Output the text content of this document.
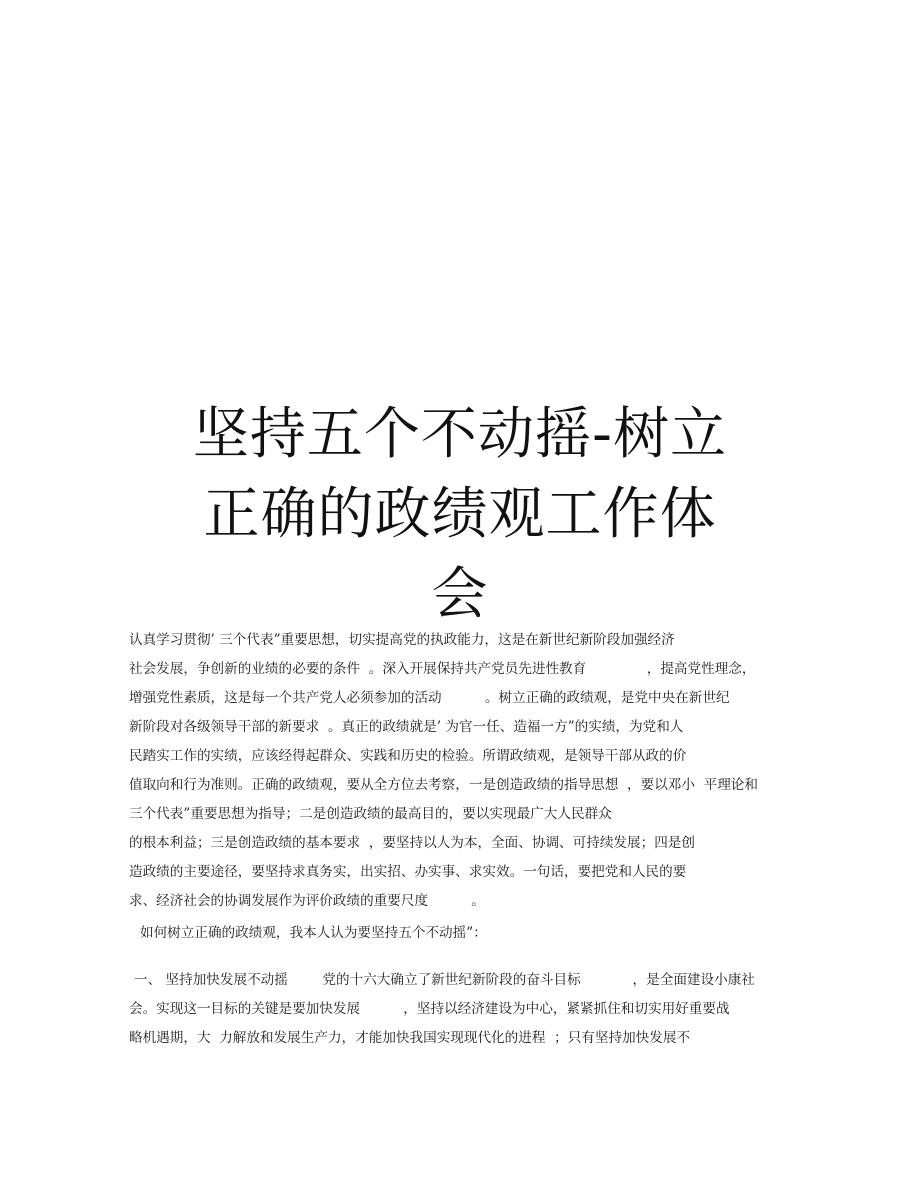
坚持五个不动摇-树立
正确的政绩观工作体
会
认真学习贯彻’ 三个代表”重要思想，切实提高党的执政能力，这是在新世纪新阶段加强经济
社会发展，争创新的业绩的必要的条件  。深入开展保持共产党员先进性教育              ，提高党性理念，
增强党性素质，这是每一个共产党人必须参加的活动          。树立正确的政绩观，是党中央在新世纪
新阶段对各级领导干部的新要求  。真正的政绩就是’ 为官一任、造福一方”的实绩，为党和人
民踏实工作的实绩，应该经得起群众、实践和历史的检验。所谓政绩观，是领导干部从政的价
值取向和行为准则。正确的政绩观，要从全方位去考察，一是创造政绩的指导思想  ，要以邓小  平理论和
三个代表”重要思想为指导；二是创造政绩的最高目的，要以实现最广大人民群众
的根本利益；三是创造政绩的基本要求  ，要坚持以人为本，全面、协调、可持续发展；四是创
造政绩的主要途径，要坚持求真务实，出实招、办实事、求实效。一句话，要把党和人民的要
求、经济社会的协调发展作为评价政绩的重要尺度          。
如何树立正确的政绩观，我本人认为要坚持五个不动摇”：
一、 坚持加快发展不动摇        党的十六大确立了新世纪新阶段的奋斗目标            ，是全面建设小康社
会。实现这一目标的关键是要加快发展          ，坚持以经济建设为中心，紧紧抓住和切实用好重要战
略机遇期，大  力解放和发展生产力，才能加快我国实现现代化的进程  ；只有坚持加快发展不
